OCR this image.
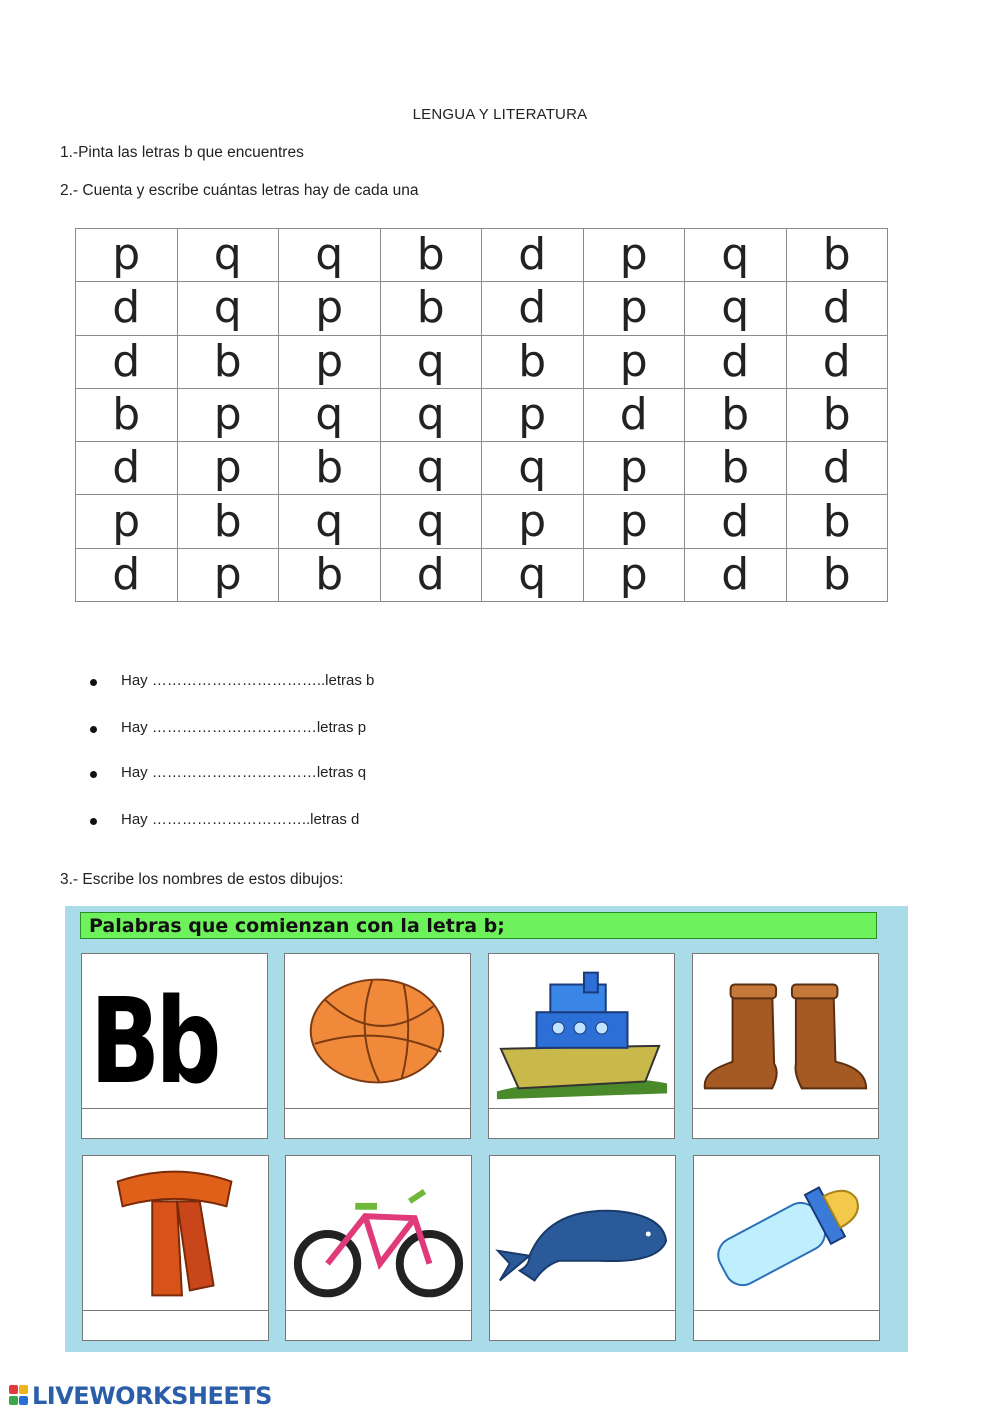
LENGUA Y LITERATURA
1.-Pinta las letras b que encuentres
2.- Cuenta y escribe cuántas letras hay de cada una
p	q	q	b	d	p	q	b
d	q	p	b	d	p	q	d
d	b	p	q	b	p	d	d
b	p	q	q	p	d	b	b
d	p	b	q	q	p	b	d
p	b	q	q	p	p	d	b
d	p	b	d	q	p	d	b
Hay ……………………………..letras b
Hay ……………………………letras p
Hay ……………………………letras q
Hay …………………………..letras d
3.- Escribe los nombres de estos dibujos:
Palabras que comienzan con la letra b;
Bb
LIVEWORKSHEETS
